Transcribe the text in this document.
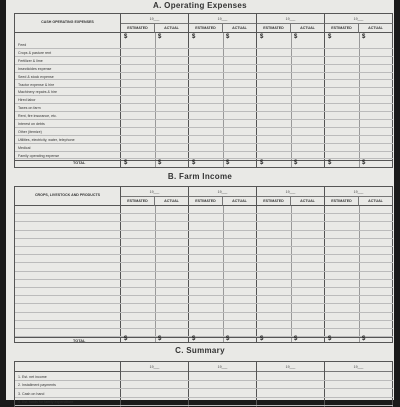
A. Operating Expenses
CASH OPERATING EXPENSES
19___
ESTIMATED	ACTUAL
19___
ESTIMATED	ACTUAL
19___
ESTIMATED	ACTUAL
19___
ESTIMATED	ACTUAL
$	$	$	$	$	$	$	$
Feed
Crops & pasture rent
Fertilizer & lime
Insecticides expense
Seed & stock expense
Tractor expense & hire
Machinery repairs & hire
Hired labor
Taxes on farm
Rent, fire insurance, etc.
Interest on debts
Other (itemize)
Utilities, electricity, water, telephone
Medical
Family operating expense
TOTAL	$	$	$	$	$	$	$	$
B. Farm Income
CROPS, LIVESTOCK AND PRODUCTS
19___
ESTIMATED	ACTUAL
19___
ESTIMATED	ACTUAL
19___
ESTIMATED	ACTUAL
19___
ESTIMATED	ACTUAL
TOTAL	$	$	$	$	$	$	$	$
C. Summary
19___	19___	19___	19___
1. Est. net income
2. Installment payments
3. Cash on hand
4. Est. funds for family expenditure
